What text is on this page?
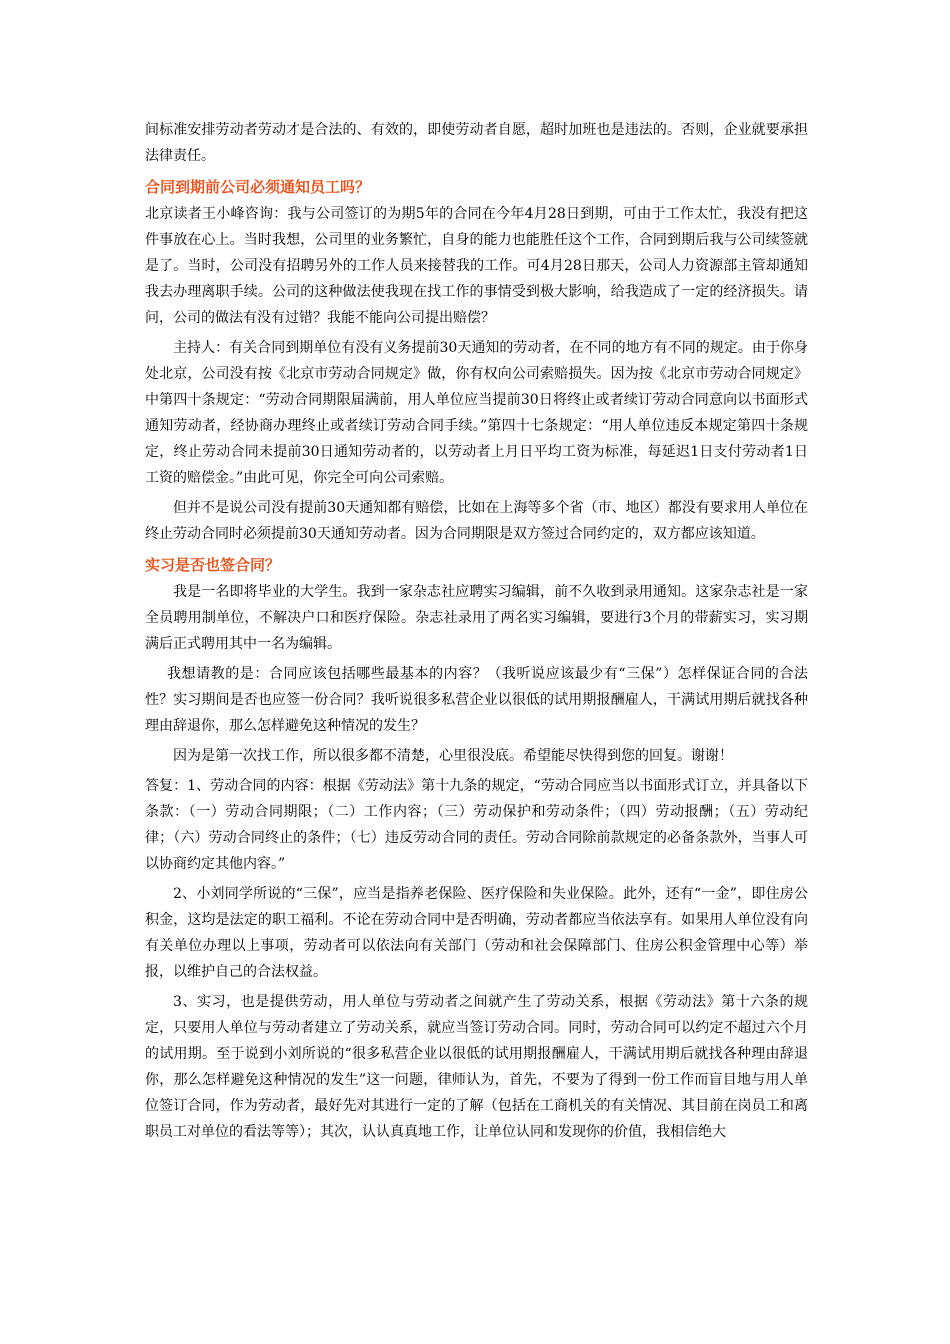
间标准安排劳动者劳动才是合法的、有效的，即使劳动者自愿，超时加班也是违法的。否则，企业就要承担法律责任。

合同到期前公司必须通知员工吗？

北京读者王小峰咨询：我与公司签订的为期5年的合同在今年4月28日到期，可由于工作太忙，我没有把这件事放在心上。当时我想，公司里的业务繁忙，自身的能力也能胜任这个工作，合同到期后我与公司续签就是了。当时，公司没有招聘另外的工作人员来接替我的工作。可4月28日那天，公司人力资源部主管却通知我去办理离职手续。公司的这种做法使我现在找工作的事情受到极大影响，给我造成了一定的经济损失。请问，公司的做法有没有过错？我能不能向公司提出赔偿？

主持人：有关合同到期单位有没有义务提前30天通知的劳动者，在不同的地方有不同的规定。由于你身处北京，公司没有按《北京市劳动合同规定》做，你有权向公司索赔损失。因为按《北京市劳动合同规定》中第四十条规定：“劳动合同期限届满前，用人单位应当提前30日将终止或者续订劳动合同意向以书面形式通知劳动者，经协商办理终止或者续订劳动合同手续。”第四十七条规定：“用人单位违反本规定第四十条规定，终止劳动合同未提前30日通知劳动者的，以劳动者上月日平均工资为标准，每延迟1日支付劳动者1日工资的赔偿金。”由此可见，你完全可向公司索赔。

但并不是说公司没有提前30天通知都有赔偿，比如在上海等多个省（市、地区）都没有要求用人单位在终止劳动合同时必须提前30天通知劳动者。因为合同期限是双方签过合同约定的，双方都应该知道。

实习是否也签合同？

我是一名即将毕业的大学生。我到一家杂志社应聘实习编辑，前不久收到录用通知。这家杂志社是一家全员聘用制单位，不解决户口和医疗保险。杂志社录用了两名实习编辑，要进行3个月的带薪实习，实习期满后正式聘用其中一名为编辑。

我想请教的是：合同应该包括哪些最基本的内容？（我听说应该最少有“三保”）怎样保证合同的合法性？实习期间是否也应签一份合同？我听说很多私营企业以很低的试用期报酬雇人，干满试用期后就找各种理由辞退你，那么怎样避免这种情况的发生？

因为是第一次找工作，所以很多都不清楚，心里很没底。希望能尽快得到您的回复。谢谢！

答复：1、劳动合同的内容：根据《劳动法》第十九条的规定，“劳动合同应当以书面形式订立，并具备以下条款：（一）劳动合同期限；（二）工作内容；（三）劳动保护和劳动条件；（四）劳动报酬；（五）劳动纪律；（六）劳动合同终止的条件；（七）违反劳动合同的责任。劳动合同除前款规定的必备条款外，当事人可以协商约定其他内容。”

2、小刘同学所说的“三保”，应当是指养老保险、医疗保险和失业保险。此外，还有“一金”，即住房公积金，这均是法定的职工福利。不论在劳动合同中是否明确，劳动者都应当依法享有。如果用人单位没有向有关单位办理以上事项，劳动者可以依法向有关部门（劳动和社会保障部门、住房公积金管理中心等）举报，以维护自己的合法权益。

3、实习，也是提供劳动，用人单位与劳动者之间就产生了劳动关系，根据《劳动法》第十六条的规定，只要用人单位与劳动者建立了劳动关系，就应当签订劳动合同。同时，劳动合同可以约定不超过六个月的试用期。至于说到小刘所说的“很多私营企业以很低的试用期报酬雇人，干满试用期后就找各种理由辞退你，那么怎样避免这种情况的发生”这一问题，律师认为，首先，不要为了得到一份工作而盲目地与用人单位签订合同，作为劳动者，最好先对其进行一定的了解（包括在工商机关的有关情况、其目前在岗员工和离职员工对单位的看法等等）；其次，认认真真地工作，让单位认同和发现你的价值，我相信绝大
